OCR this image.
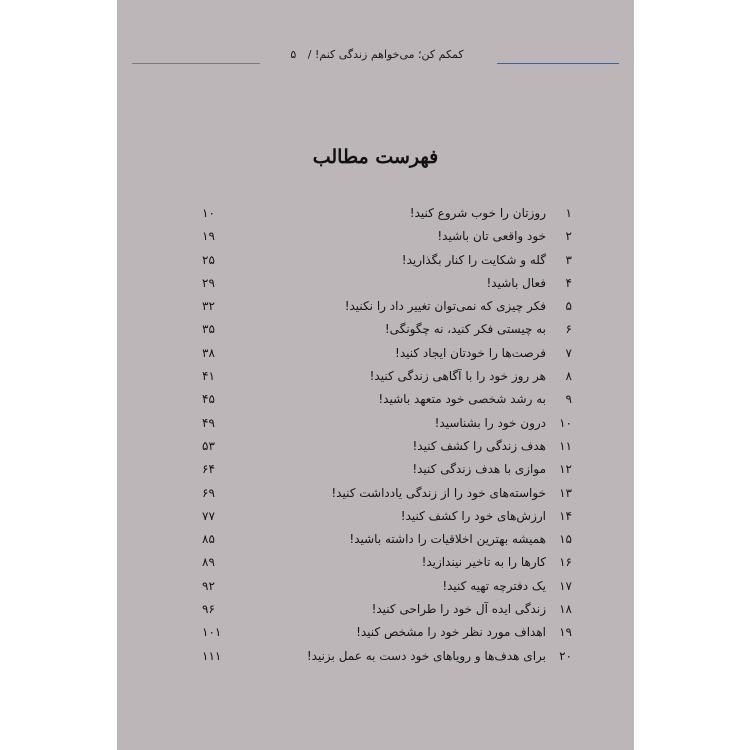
کمکم کن؛ می‌خواهم زندگی کنم! / ۵
فهرست مطالب
۱روزتان را خوب شروع کنید!
۱۰
۲خود واقعی تان باشید!
۱۹
۳گله و شکایت را کنار بگذارید!
۲۵
۴فعال باشید!
۲۹
۵فکر چیزی که نمی‌توان تغییر داد را نکنید!
۳۲
۶به چیستی فکر کنید، نه چگونگی!
۳۵
۷فرصت‌ها را خودتان ایجاد کنید!
۳۸
۸هر روز خود را با آگاهی زندگی کنید!
۴۱
۹به رشد شخصی خود متعهد باشید!
۴۵
۱۰درون خود را بشناسید!
۴۹
۱۱هدف زندگی را کشف کنید!
۵۳
۱۲موازی با هدف زندگی کنید!
۶۴
۱۳خواسته‌های خود را از زندگی یادداشت کنید!
۶۹
۱۴ارزش‌های خود را کشف کنید!
۷۷
۱۵همیشه بهترین اخلاقیات را داشته باشید!
۸۵
۱۶کارها را به تاخیر نیندازید!
۸۹
۱۷یک دفترچه تهیه کنید!
۹۲
۱۸زندگی ایده آل خود را طراحی کنید!
۹۶
۱۹اهداف مورد نظر خود را مشخص کنید!
۱۰۱
۲۰برای هدف‌ها و رویاهای خود دست به عمل بزنید!
۱۱۱
